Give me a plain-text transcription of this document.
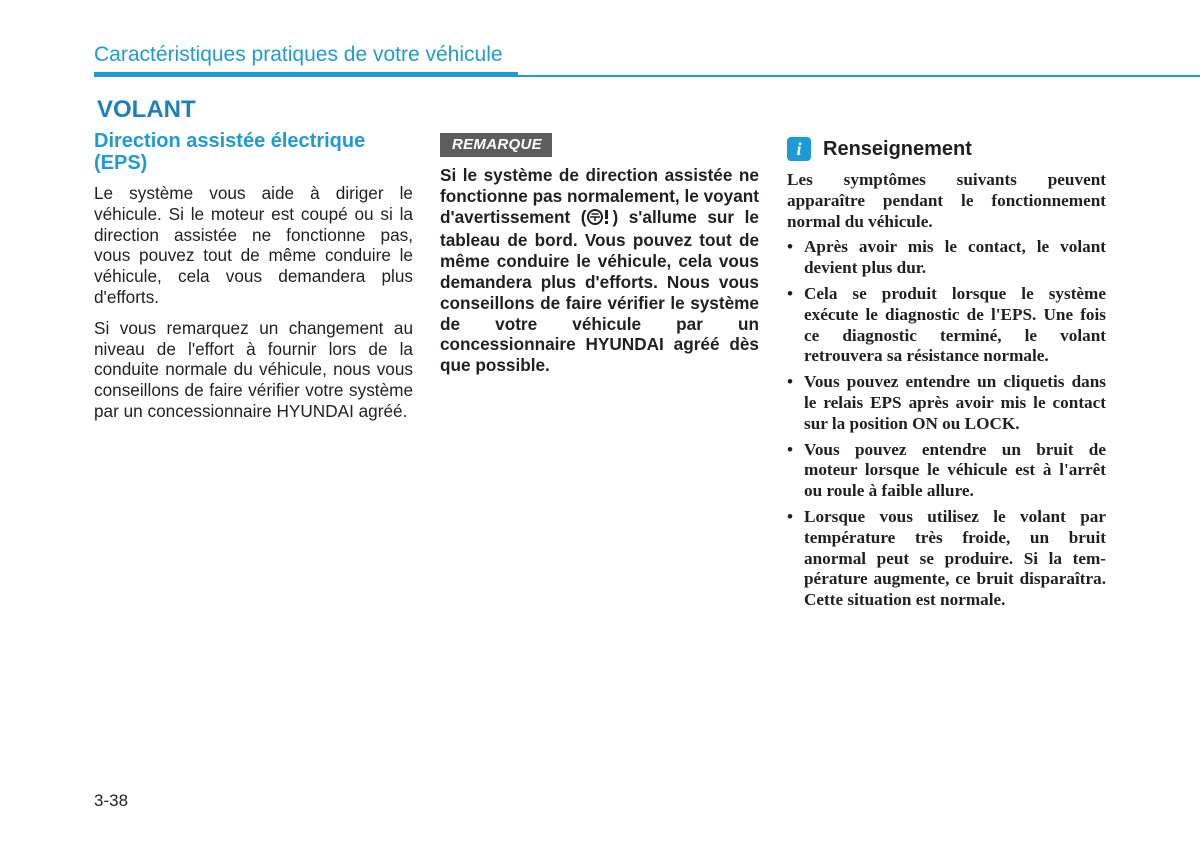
Caractéristiques pratiques de votre véhicule
VOLANT
Direction assistée électrique
(EPS)

Le système vous aide à diriger le véhicule. Si le moteur est coupé ou si la direction assistée ne fonctionne pas, vous pouvez tout de même conduire le véhicule, cela vous demandera plus d'efforts.

Si vous remarquez un changement au niveau de l'effort à fournir lors de la conduite normale du véhicule, nous vous conseillons de faire vérifier votre système par un concessionnaire HYUNDAI agréé.

REMARQUE

Si le système de direction assistée ne fonctionne pas normalement, le voyant d'avertissement ( ) s'allume sur le tableau de bord. Vous pouvez tout de même conduire le véhicule, cela vous demandera plus d'efforts. Nous vous conseillons de faire vérifier le système de votre véhicule par un concessionnaire HYUNDAI agréé dès que possible.

i	Renseignement

Les symptômes suivants peuvent apparaître pendant le fonctionnement normal du véhicule.

• Après avoir mis le contact, le volant devient plus dur.
• Cela se produit lorsque le système exécute le diagnostic de l'EPS. Une fois ce diagnostic terminé, le volant retrouvera sa résistance normale.
• Vous pouvez entendre un cliquetis dans le relais EPS après avoir mis le contact sur la position ON ou LOCK.
• Vous pouvez entendre un bruit de moteur lorsque le véhicule est à l'arrêt ou roule à faible allure.
• Lorsque vous utilisez le volant par température très froide, un bruit anormal peut se produire. Si la température augmente, ce bruit disparaîtra. Cette situation est normale.
3-38
